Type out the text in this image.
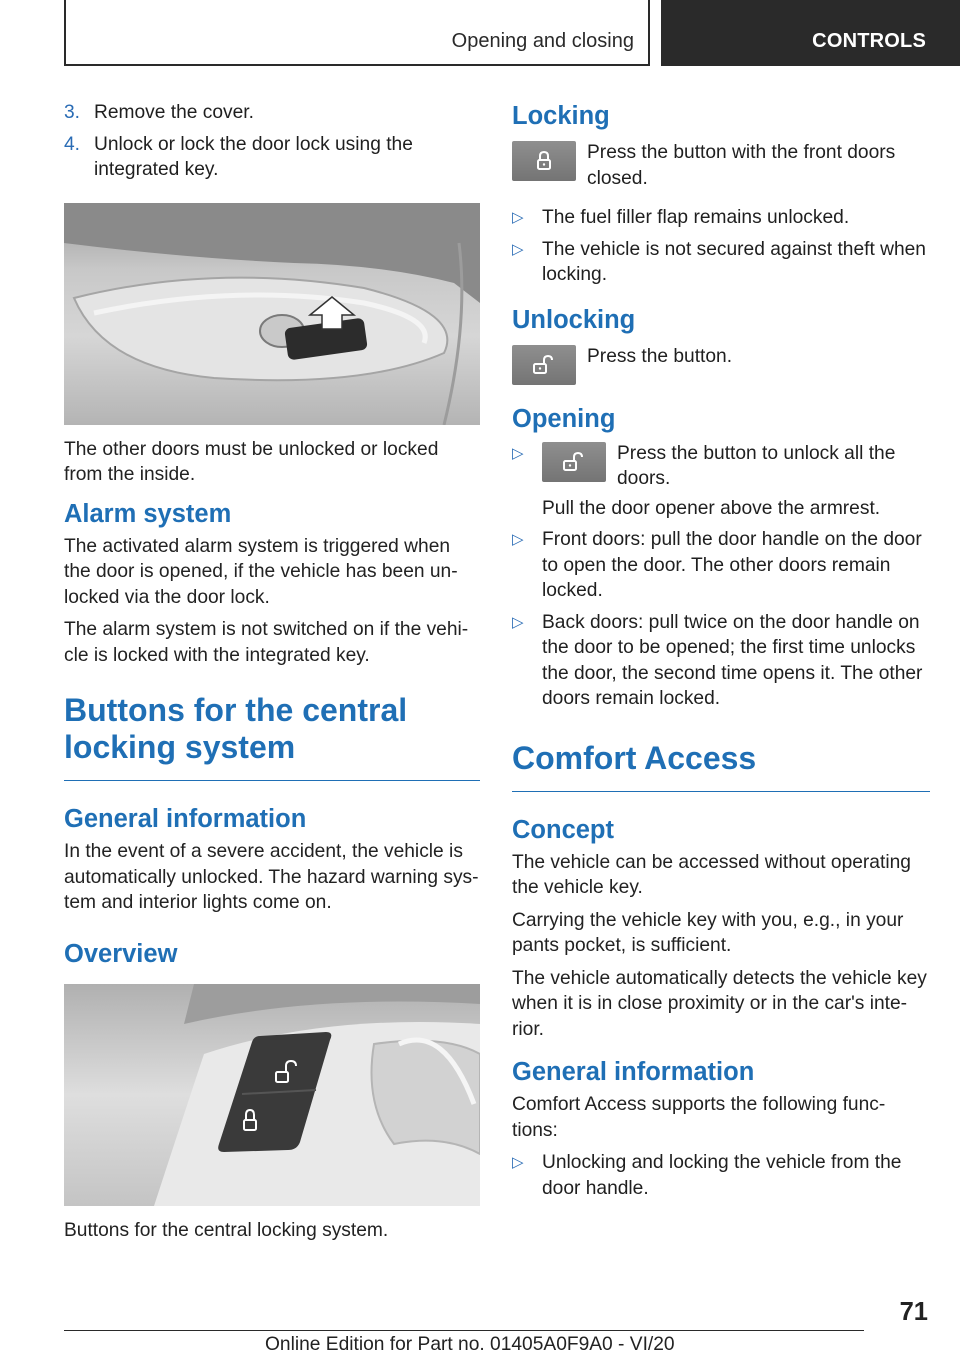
Opening and closing	CONTROLS
3. Remove the cover.
4. Unlock or lock the door lock using the integrated key.

The other doors must be unlocked or locked from the inside.

Alarm system

The activated alarm system is triggered when the door is opened, if the vehicle has been un-locked via the door lock.

The alarm system is not switched on if the vehi-cle is locked with the integrated key.

Buttons for the central locking system
General information

In the event of a severe accident, the vehicle is automatically unlocked. The hazard warning sys-tem and interior lights come on.

Overview

Buttons for the central locking system.

Locking
Press the button with the front doors closed.
▷ The fuel filler flap remains unlocked.
▷ The vehicle is not secured against theft when locking.
Unlocking
Press the button.
Opening
▷	Press the button to unlock all the doors.
Pull the door opener above the armrest.
▷ Front doors: pull the door handle on the door to open the door. The other doors remain locked.
▷ Back doors: pull twice on the door handle on the door to be opened; the first time unlocks the door, the second time opens it. The other doors remain locked.
Comfort Access
Concept

The vehicle can be accessed without operating the vehicle key.

Carrying the vehicle key with you, e.g., in your pants pocket, is sufficient.

The vehicle automatically detects the vehicle key when it is in close proximity or in the car's inte-rior.

General information

Comfort Access supports the following func-tions:

▷ Unlocking and locking the vehicle from the door handle.
71
Online Edition for Part no. 01405A0F9A0 - VI/20
